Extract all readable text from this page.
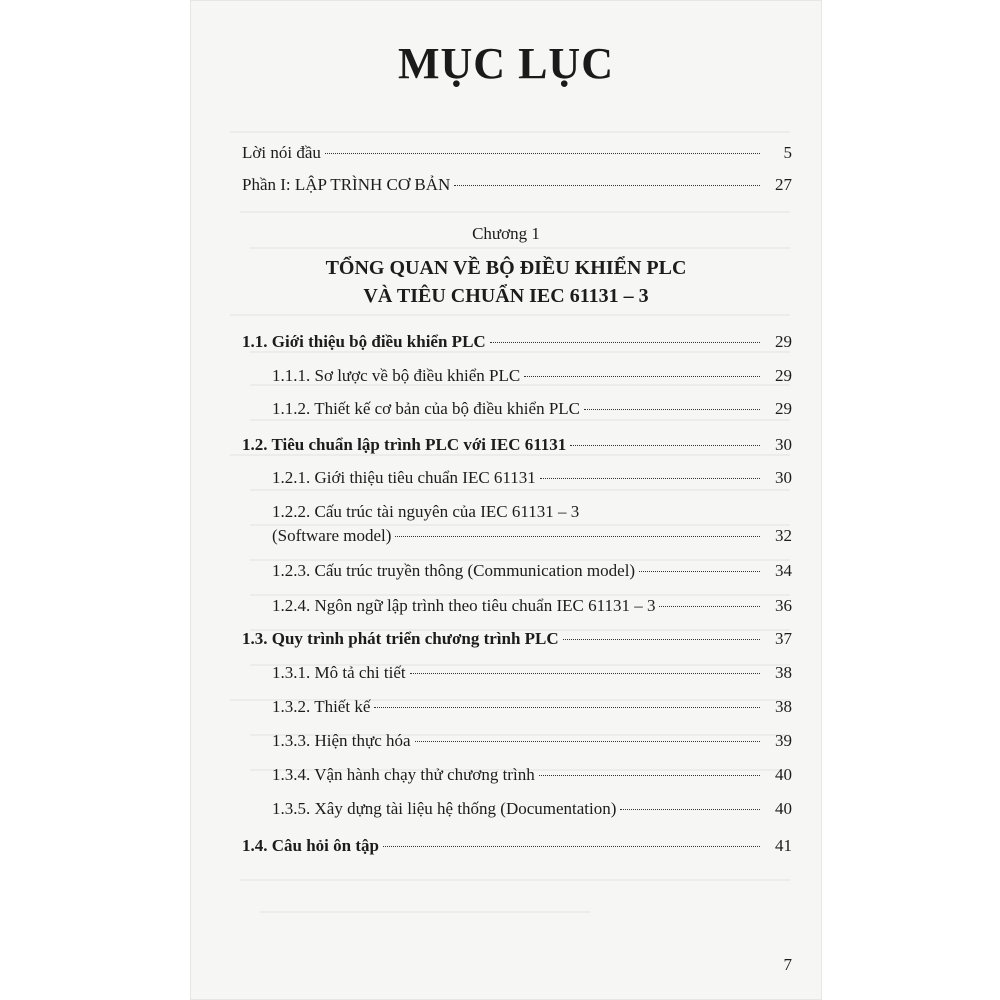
MỤC LỤC
Lời nói đầu	5
Phần I: LẬP TRÌNH CƠ BẢN	27
Chương 1
TỔNG QUAN VỀ BỘ ĐIỀU KHIỂN PLC
VÀ TIÊU CHUẨN IEC 61131 – 3
1.1. Giới thiệu bộ điều khiển PLC	29
1.1.1. Sơ lược về bộ điều khiển PLC	29
1.1.2. Thiết kế cơ bản của bộ điều khiển PLC	29
1.2. Tiêu chuẩn lập trình PLC với IEC 61131	30
1.2.1. Giới thiệu tiêu chuẩn IEC 61131	30
1.2.2. Cấu trúc tài nguyên của IEC 61131 – 3
(Software model)	32
1.2.3. Cấu trúc truyền thông (Communication model)	34
1.2.4. Ngôn ngữ lập trình theo tiêu chuẩn IEC 61131 – 3	36
1.3. Quy trình phát triển chương trình PLC	37
1.3.1. Mô tả chi tiết	38
1.3.2. Thiết kế	38
1.3.3. Hiện thực hóa	39
1.3.4. Vận hành chạy thử chương trình	40
1.3.5. Xây dựng tài liệu hệ thống (Documentation)	40
1.4. Câu hỏi ôn tập	41
7
